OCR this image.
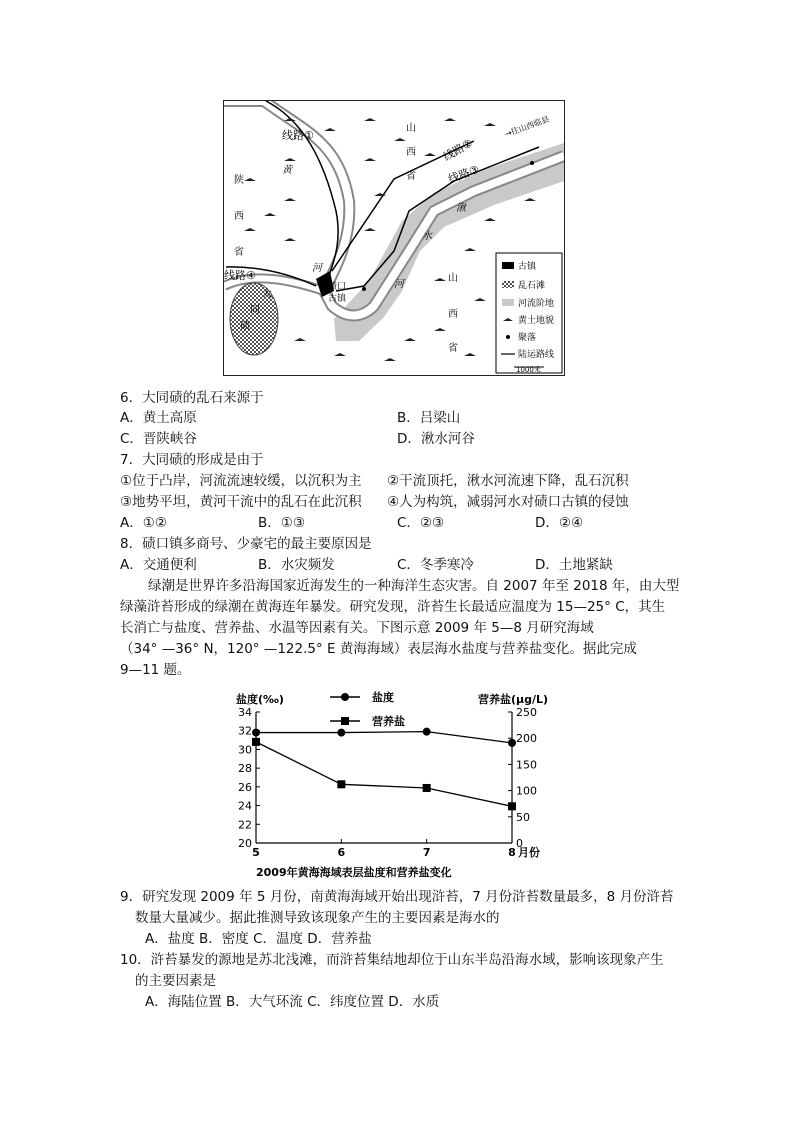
古镇
乱石滩
河流阶地
黄土地貌
聚落
陆运路线
1000米
陕
西
省
山
西
省
山
西
省
黄
河
湫
水
河
碛口
古镇
大
同
碛
线路①
线路④
线路②
线路③
→往山西临县
6．大同碛的乱石来源于
A．黄土高原	B．吕梁山
C．晋陕峡谷	D．湫水河谷
7．大同碛的形成是由于
①位于凸岸，河流流速较缓，以沉积为主 ②干流顶托，湫水河流速下降，乱石沉积
③地势平坦，黄河干流中的乱石在此沉积 ④人为构筑，减弱河水对碛口古镇的侵蚀
A．①②	B．①③	C．②③	D．②④
8．碛口镇多商号、少豪宅的最主要原因是
A．交通便利	B．水灾频发	C．冬季寒冷	D．土地紧缺
绿潮是世界许多沿海国家近海发生的一种海洋生态灾害。自 2007 年至 2018 年，由大型
绿藻浒苔形成的绿潮在黄海连年暴发。研究发现，浒苔生长最适应温度为 15—25° C，其生
长消亡与盐度、营养盐、水温等因素有关。下图示意 2009 年 5—8 月研究海域
（34° —36° N，120° —122.5° E 黄海海域）表层海水盐度与营养盐变化。据此完成
9—11 题。
盐度(‰)	营养盐(μg/L)
盐度
营养盐
20
22
24
26
28
30
32
34
0
50
100
150
200
250
5	6	7	8 月份
2009年黄海海域表层盐度和营养盐变化
9．研究发现 2009 年 5 月份，南黄海海域开始出现浒苔，7 月份浒苔数量最多，8 月份浒苔
数量大量减少。据此推测导致该现象产生的主要因素是海水的
A．盐度 B．密度 C．温度 D．营养盐
10．浒苔暴发的源地是苏北浅滩，而浒苔集结地却位于山东半岛沿海水域，影响该现象产生
的主要因素是
A．海陆位置 B．大气环流 C．纬度位置 D．水质
